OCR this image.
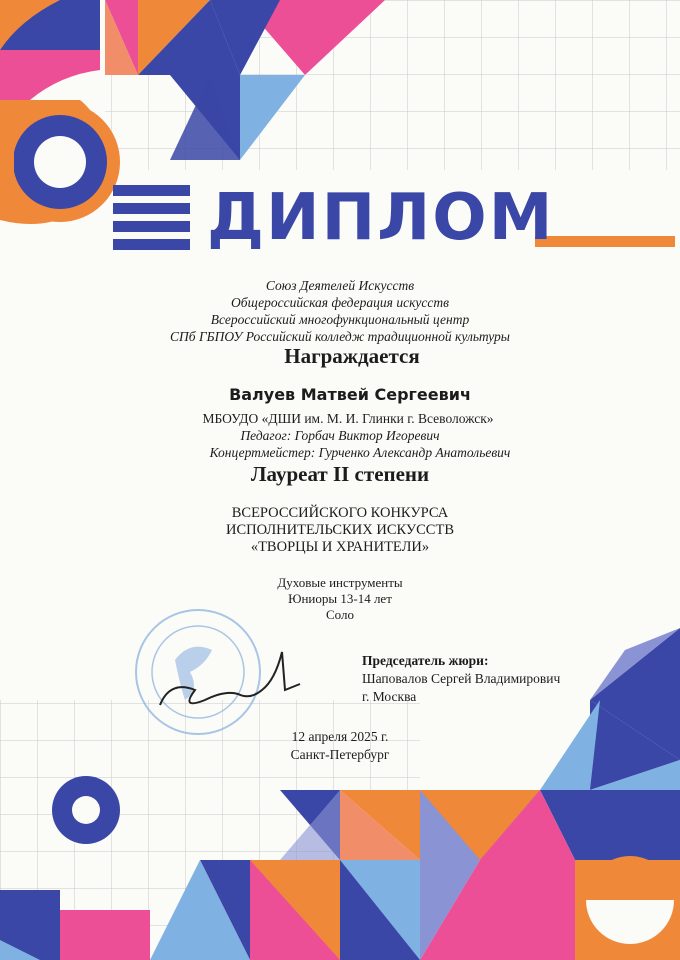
ДИПЛОМ
Союз Деятелей Искусств
Общероссийская федерация искусств
Всероссийский многофункциональный центр
СПб ГБПОУ Российский колледж традиционной культуры
Награждается
Валуев Матвей Сергеевич
МБОУДО «ДШИ им. М. И. Глинки г. Всеволожск»
Педагог: Горбач Виктор Игоревич
Концертмейстер: Гурченко Александр Анатольевич
Лауреат II степени
ВСЕРОССИЙСКОГО КОНКУРСА
ИСПОЛНИТЕЛЬСКИХ ИСКУССТВ
«ТВОРЦЫ И ХРАНИТЕЛИ»
Духовые инструменты
Юниоры 13-14 лет
Соло
Председатель жюри:
Шаповалов Сергей Владимирович
г. Москва
12 апреля 2025 г.
Санкт-Петербург
